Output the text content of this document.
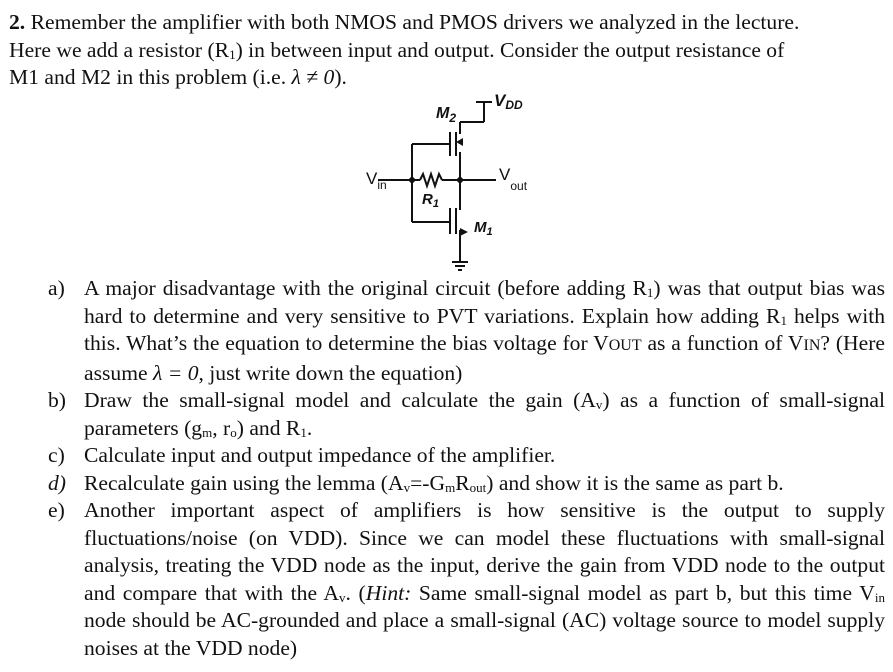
2. Remember the amplifier with both NMOS and PMOS drivers we analyzed in the lecture.
Here we add a resistor $(R_1)$ in between input and output. Consider the output resistance of
M1 and M2 in this problem (i.e. λ ≠ 0).
VDD
$M_2$
$V_{in}$
$V_{out}$
$R_1$
$M_1$
a) A major disadvantage with the original circuit (before adding $R_1$) was that output bias was hard to determine and very sensitive to PVT variations. Explain how adding $R_1$ helps with this. What’s the equation to determine the bias voltage for VOUT as a function of VIN? (Here assume λ = 0, just write down the equation)
b) Draw the small-signal model and calculate the gain $(A_v)$ as a function of small-signal parameters ($g_m$, $r_o$) and $R_1$.
c) Calculate input and output impedance of the amplifier.
d) Recalculate gain using the lemma $(A_v=-G_mR_{out})$ and show it is the same as part b.
e) Another important aspect of amplifiers is how sensitive is the output to supply fluctuations/noise (on VDD). Since we can model these fluctuations with small-signal analysis, treating the VDD node as the input, derive the gain from VDD node to the output and compare that with the $A_v$. (Hint: Same small-signal model as part b, but this time $V_{in}$ node should be AC-grounded and place a small-signal (AC) voltage source to model supply noises at the VDD node)
